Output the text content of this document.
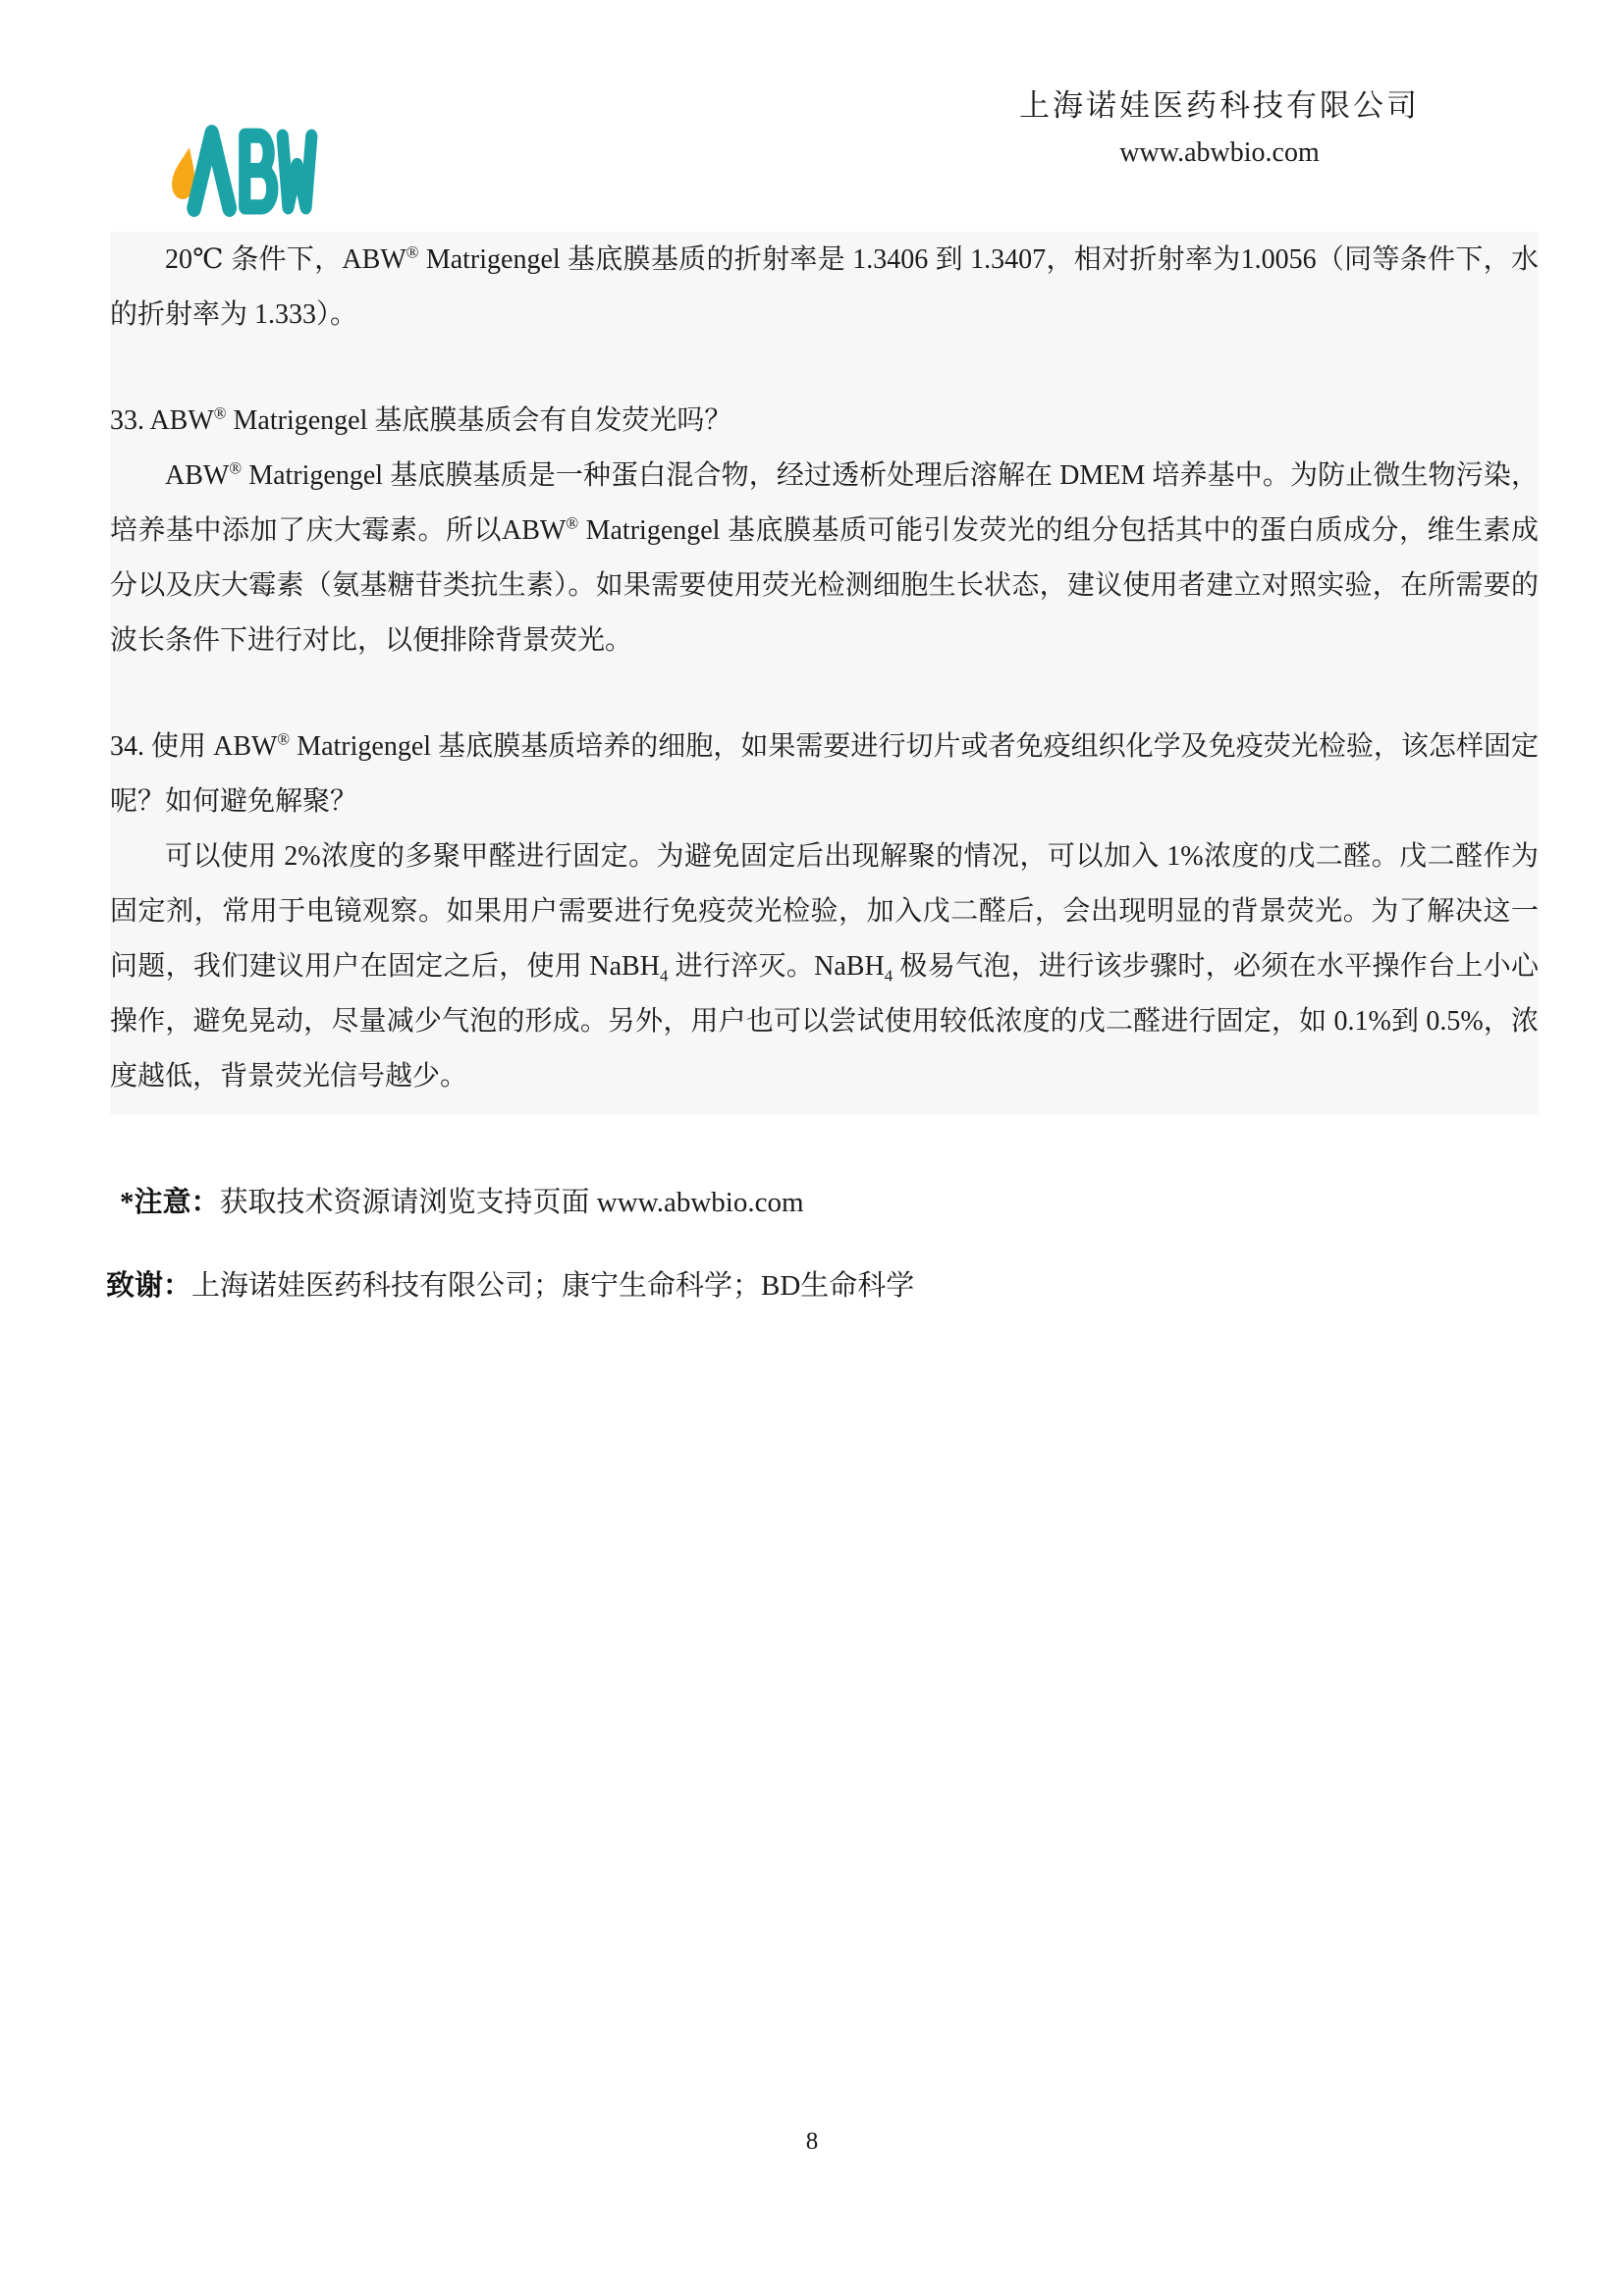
上海诺娃医药科技有限公司
www.abwbio.com

20℃ 条件下，ABW® Matrigengel 基底膜基质的折射率是 1.3406 到 1.3407，相对折射率为1.0056（同等条件下，水的折射率为 1.333）。

33. ABW® Matrigengel 基底膜基质会有自发荧光吗？

ABW® Matrigengel 基底膜基质是一种蛋白混合物，经过透析处理后溶解在 DMEM 培养基中。为防止微生物污染，培养基中添加了庆大霉素。所以ABW® Matrigengel 基底膜基质可能引发荧光的组分包括其中的蛋白质成分，维生素成分以及庆大霉素（氨基糖苷类抗生素）。如果需要使用荧光检测细胞生长状态，建议使用者建立对照实验，在所需要的波长条件下进行对比，以便排除背景荧光。

34. 使用 ABW® Matrigengel 基底膜基质培养的细胞，如果需要进行切片或者免疫组织化学及免疫荧光检验，该怎样固定呢？如何避免解聚？

可以使用 2%浓度的多聚甲醛进行固定。为避免固定后出现解聚的情况，可以加入 1%浓度的戊二醛。戊二醛作为固定剂，常用于电镜观察。如果用户需要进行免疫荧光检验，加入戊二醛后，会出现明显的背景荧光。为了解决这一问题，我们建议用户在固定之后，使用 NaBH$_4$ 进行淬灭。NaBH$_4$ 极易气泡，进行该步骤时，必须在水平操作台上小心操作，避免晃动，尽量减少气泡的形成。另外，用户也可以尝试使用较低浓度的戊二醛进行固定，如 0.1%到 0.5%，浓度越低，背景荧光信号越少。

*注意：获取技术资源请浏览支持页面 www.abwbio.com
致谢：上海诺娃医药科技有限公司；康宁生命科学；BD生命科学
8
